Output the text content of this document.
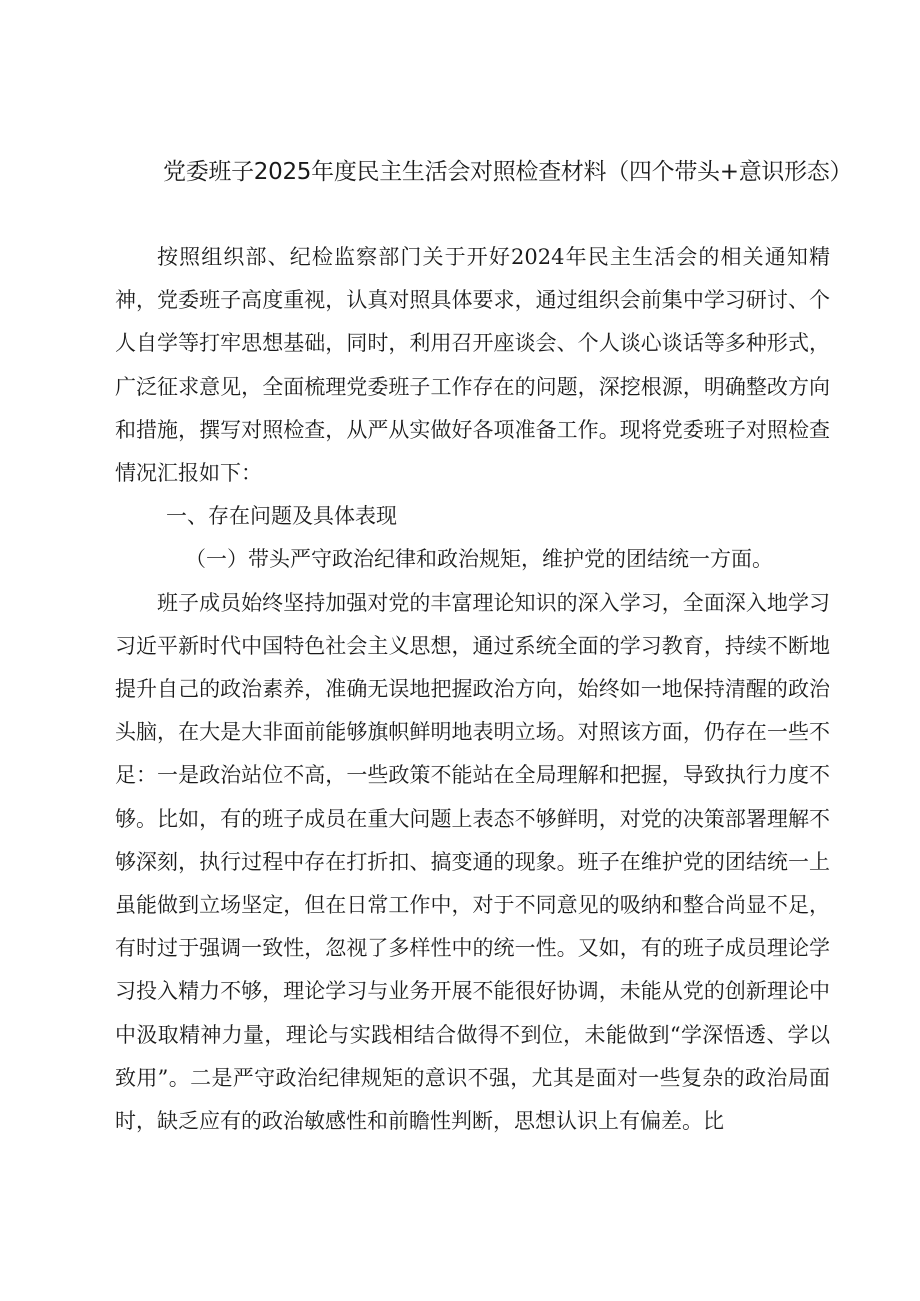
党委班子2025年度民主生活会对照检查材料（四个带头+意识形态）

按照组织部、纪检监察部门关于开好2024年民主生活会的相关通知精神，党委班子高度重视，认真对照具体要求，通过组织会前集中学习研讨、个人自学等打牢思想基础，同时，利用召开座谈会、个人谈心谈话等多种形式，广泛征求意见，全面梳理党委班子工作存在的问题，深挖根源，明确整改方向和措施，撰写对照检查，从严从实做好各项准备工作。现将党委班子对照检查情况汇报如下：

一、存在问题及具体表现
（一）带头严守政治纪律和政治规矩，维护党的团结统一方面。

班子成员始终坚持加强对党的丰富理论知识的深入学习，全面深入地学习习近平新时代中国特色社会主义思想，通过系统全面的学习教育，持续不断地提升自己的政治素养，准确无误地把握政治方向，始终如一地保持清醒的政治头脑，在大是大非面前能够旗帜鲜明地表明立场。对照该方面，仍存在一些不足：一是政治站位不高，一些政策不能站在全局理解和把握，导致执行力度不够。比如，有的班子成员在重大问题上表态不够鲜明，对党的决策部署理解不够深刻，执行过程中存在打折扣、搞变通的现象。班子在维护党的团结统一上虽能做到立场坚定，但在日常工作中，对于不同意见的吸纳和整合尚显不足，有时过于强调一致性，忽视了多样性中的统一性。又如，有的班子成员理论学习投入精力不够，理论学习与业务开展不能很好协调，未能从党的创新理论中中汲取精神力量，理论与实践相结合做得不到位，未能做到“学深悟透、学以致用”。二是严守政治纪律规矩的意识不强，尤其是面对一些复杂的政治局面时，缺乏应有的政治敏感性和前瞻性判断，思想认识上有偏差。比
